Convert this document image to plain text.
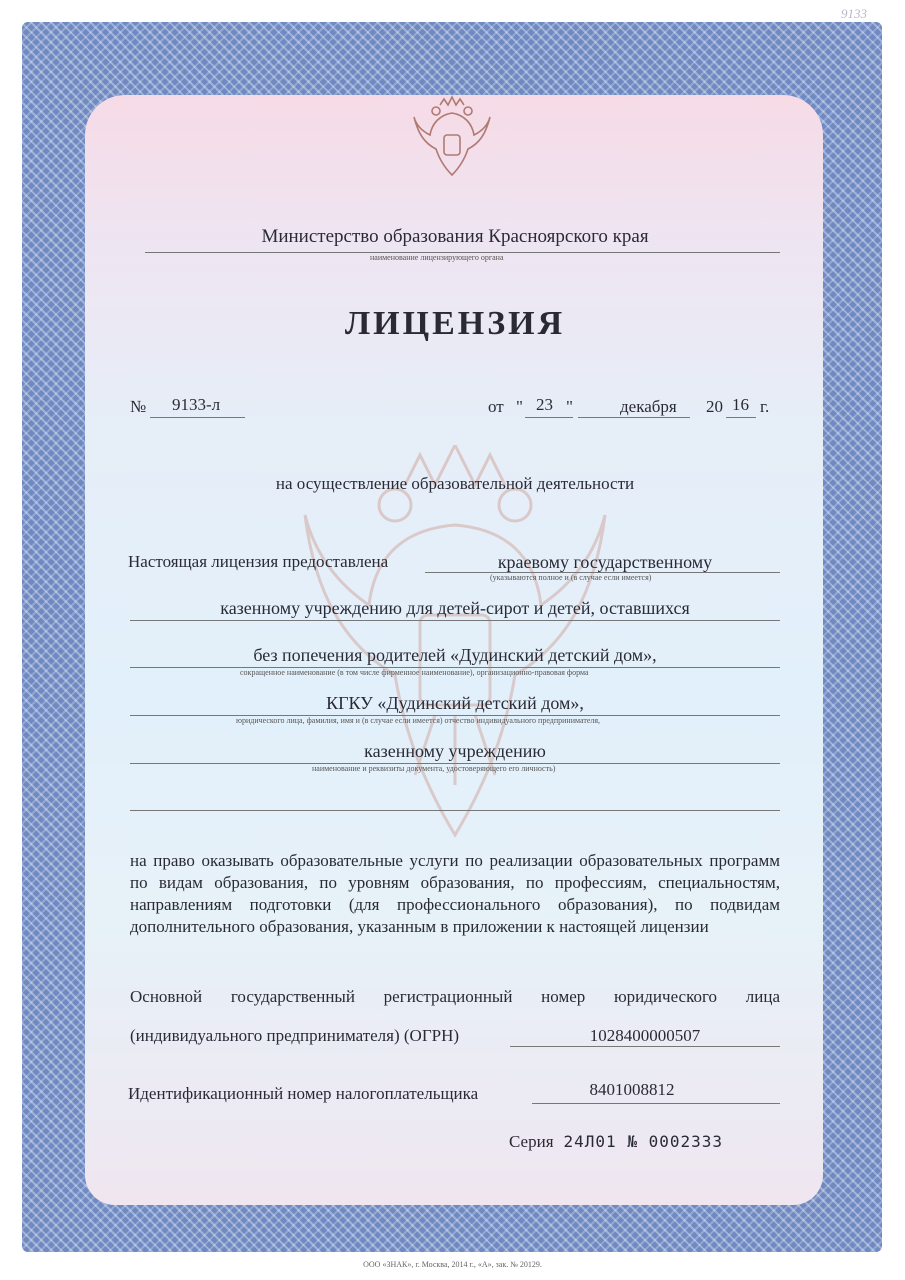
9133
Министерство образования Красноярского края
наименование лицензирующего органа
ЛИЦЕНЗИЯ
№ 9133-л	от " 23 "	декабря 20 16 г.
на осуществление образовательной деятельности
Настоящая лицензия предоставлена	краевому государственному
(указываются полное и (в случае если имеется)
казенному учреждению для детей-сирот и детей, оставшихся
без попечения родителей «Дудинский детский дом»,
сокращенное наименование (в том числе фирменное наименование), организационно-правовая форма
КГКУ «Дудинский детский дом»,
юридического лица, фамилия, имя и (в случае если имеется) отчество индивидуального предпринимателя,
казенному учреждению
наименование и реквизиты документа, удостоверяющего его личность)
на право оказывать образовательные услуги по реализации образовательных программ по видам образования, по уровням образования, по профессиям, специальностям, направлениям подготовки (для профессионального образования), по подвидам дополнительного образования, указанным в приложении к настоящей лицензии
Основной государственный регистрационный номер юридического лица
(индивидуального предпринимателя) (ОГРН)	1028400000507
Идентификационный номер налогоплательщика	8401008812
Серия 24Л01 № 0002333
ООО «ЗНАК», г. Москва, 2014 г., «А», зак. № 20129.
